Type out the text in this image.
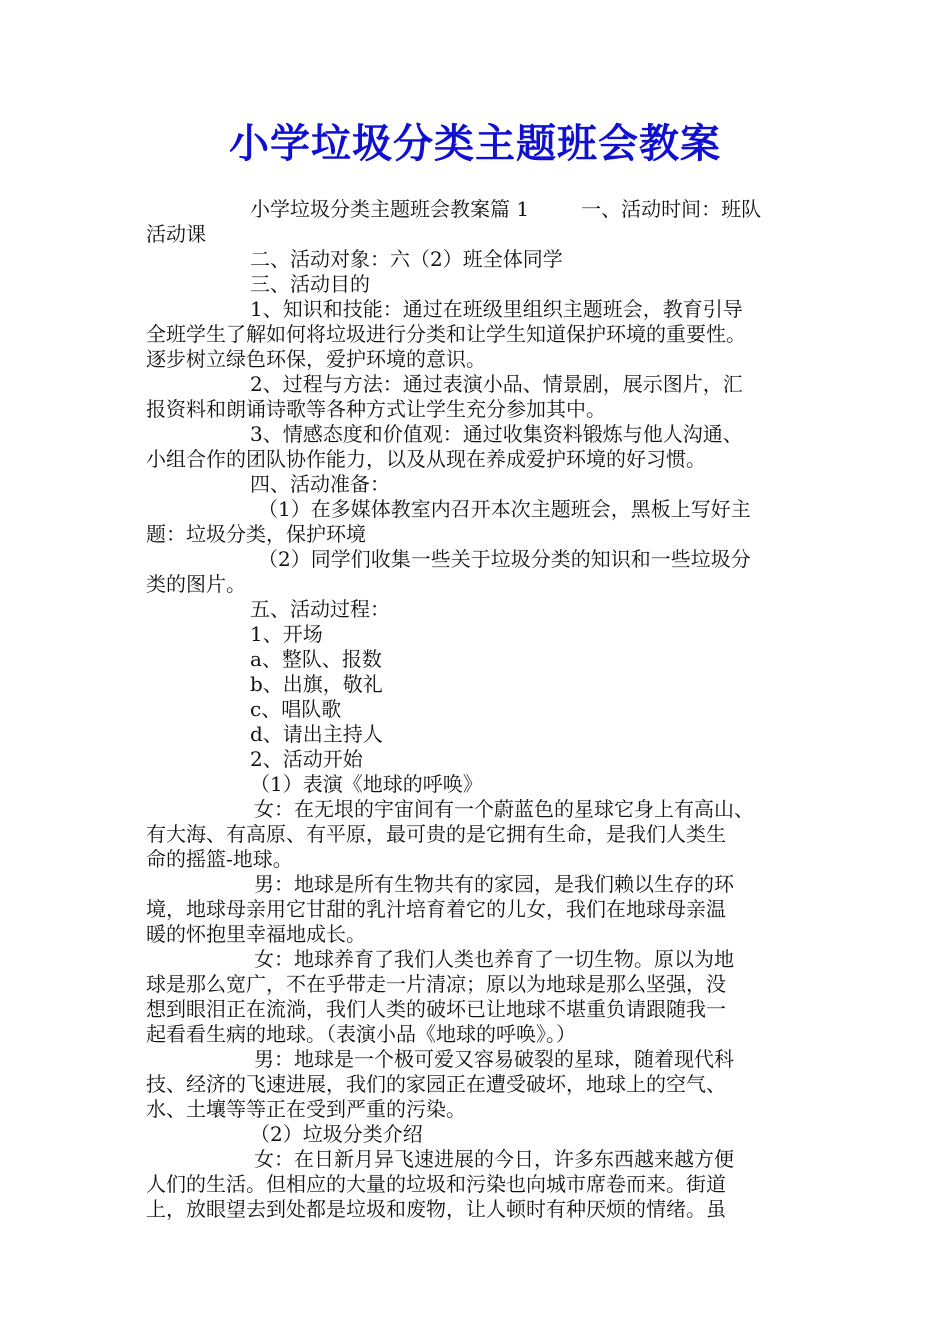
小学垃圾分类主题班会教案
小学垃圾分类主题班会教案篇 1	一、活动时间：班队
活动课
二、活动对象：六（2）班全体同学
三、活动目的
1、知识和技能：通过在班级里组织主题班会，教育引导
全班学生了解如何将垃圾进行分类和让学生知道保护环境的重要性。
逐步树立绿色环保，爱护环境的意识。
2、过程与方法：通过表演小品、情景剧，展示图片，汇
报资料和朗诵诗歌等各种方式让学生充分参加其中。
3、情感态度和价值观：通过收集资料锻炼与他人沟通、
小组合作的团队协作能力，以及从现在养成爱护环境的好习惯。
四、活动准备：
（1）在多媒体教室内召开本次主题班会，黑板上写好主
题：垃圾分类，保护环境
（2）同学们收集一些关于垃圾分类的知识和一些垃圾分
类的图片。
五、活动过程：
1、开场
a、整队、报数
b、出旗，敬礼
c、唱队歌
d、请出主持人
2、活动开始
（1）表演《地球的呼唤》
女：在无垠的宇宙间有一个蔚蓝色的星球它身上有高山、
有大海、有高原、有平原，最可贵的是它拥有生命，是我们人类生
命的摇篮-地球。
男：地球是所有生物共有的家园，是我们赖以生存的环
境，地球母亲用它甘甜的乳汁培育着它的儿女，我们在地球母亲温
暖的怀抱里幸福地成长。
女：地球养育了我们人类也养育了一切生物。原以为地
球是那么宽广，不在乎带走一片清凉；原以为地球是那么坚强，没
想到眼泪正在流淌，我们人类的破坏已让地球不堪重负请跟随我一
起看看生病的地球。（表演小品《地球的呼唤》。）
男：地球是一个极可爱又容易破裂的星球，随着现代科
技、经济的飞速进展，我们的家园正在遭受破坏，地球上的空气、
水、土壤等等正在受到严重的污染。
（2）垃圾分类介绍
女：在日新月异飞速进展的今日，许多东西越来越方便
人们的生活。但相应的大量的垃圾和污染也向城市席卷而来。街道
上，放眼望去到处都是垃圾和废物，让人顿时有种厌烦的情绪。虽
